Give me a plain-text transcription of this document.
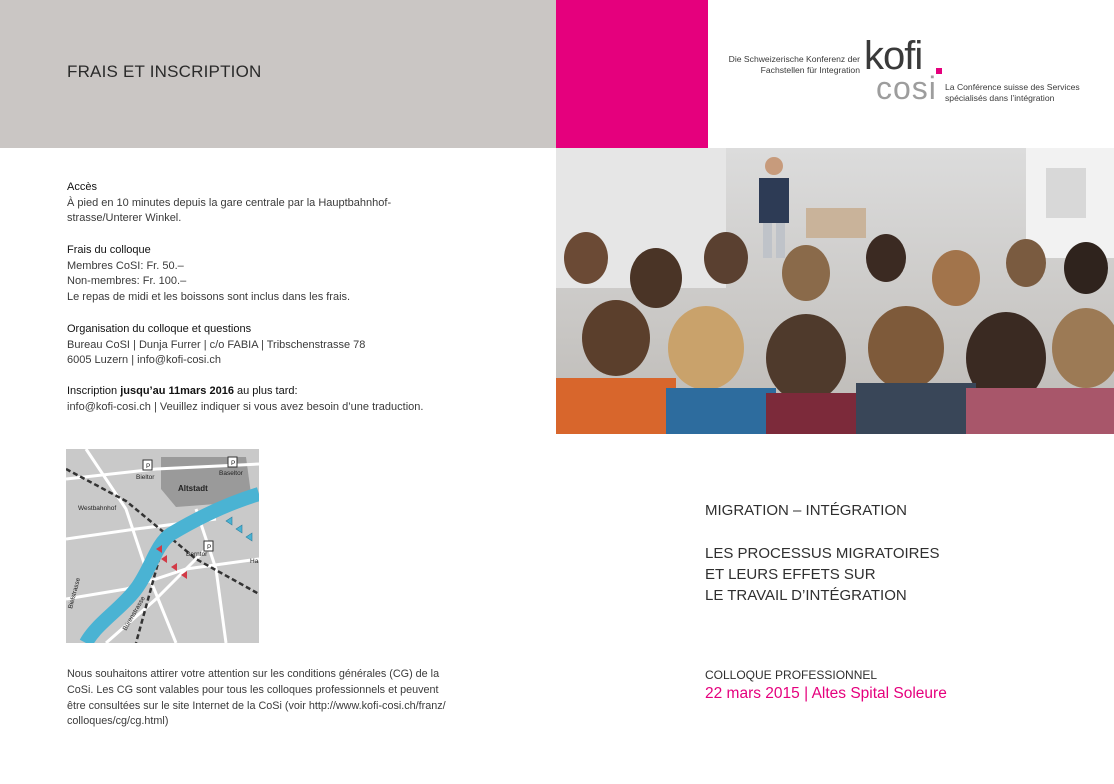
FRAIS ET INSCRIPTION
Die Schweizerische Konferenz der
Fachstellen für Integration kofi
cosi La Conférence suisse des Services
spécialisés dans l’intégration
Accès
À pied en 10 minutes depuis la gare centrale par la Hauptbahnhof-
strasse/Unterer Winkel.
Frais du colloque
Membres CoSI: Fr. 50.–
Non-membres: Fr. 100.–
Le repas de midi et les boissons sont inclus dans les frais.
Organisation du colloque et questions
Bureau CoSI | Dunja Furrer | c/o FABIA | Tribschenstrasse 78
6005 Luzern | info@kofi-cosi.ch
Inscription jusqu’au 11mars 2016 au plus tard:
info@kofi-cosi.ch | Veuillez indiquer si vous avez besoin d’une traduction.
P	P
P
Bieltor
Baseltor
Altstadt
Westbahnhof
Berntor
Ha
Bielstrasse
Bürenstrasse
MIGRATION – INTÉGRATION
LES PROCESSUS MIGRATOIRES
ET LEURS EFFETS SUR
LE TRAVAIL D’INTÉGRATION
COLLOQUE PROFESSIONNEL
22 mars 2015 | Altes Spital Soleure
Nous souhaitons attirer votre attention sur les conditions générales (CG) de la
CoSi. Les CG sont valables pour tous les colloques professionnels et peuvent
être consultées sur le site Internet de la CoSi (voir http://www.kofi-cosi.ch/franz/
colloques/cg/cg.html)
